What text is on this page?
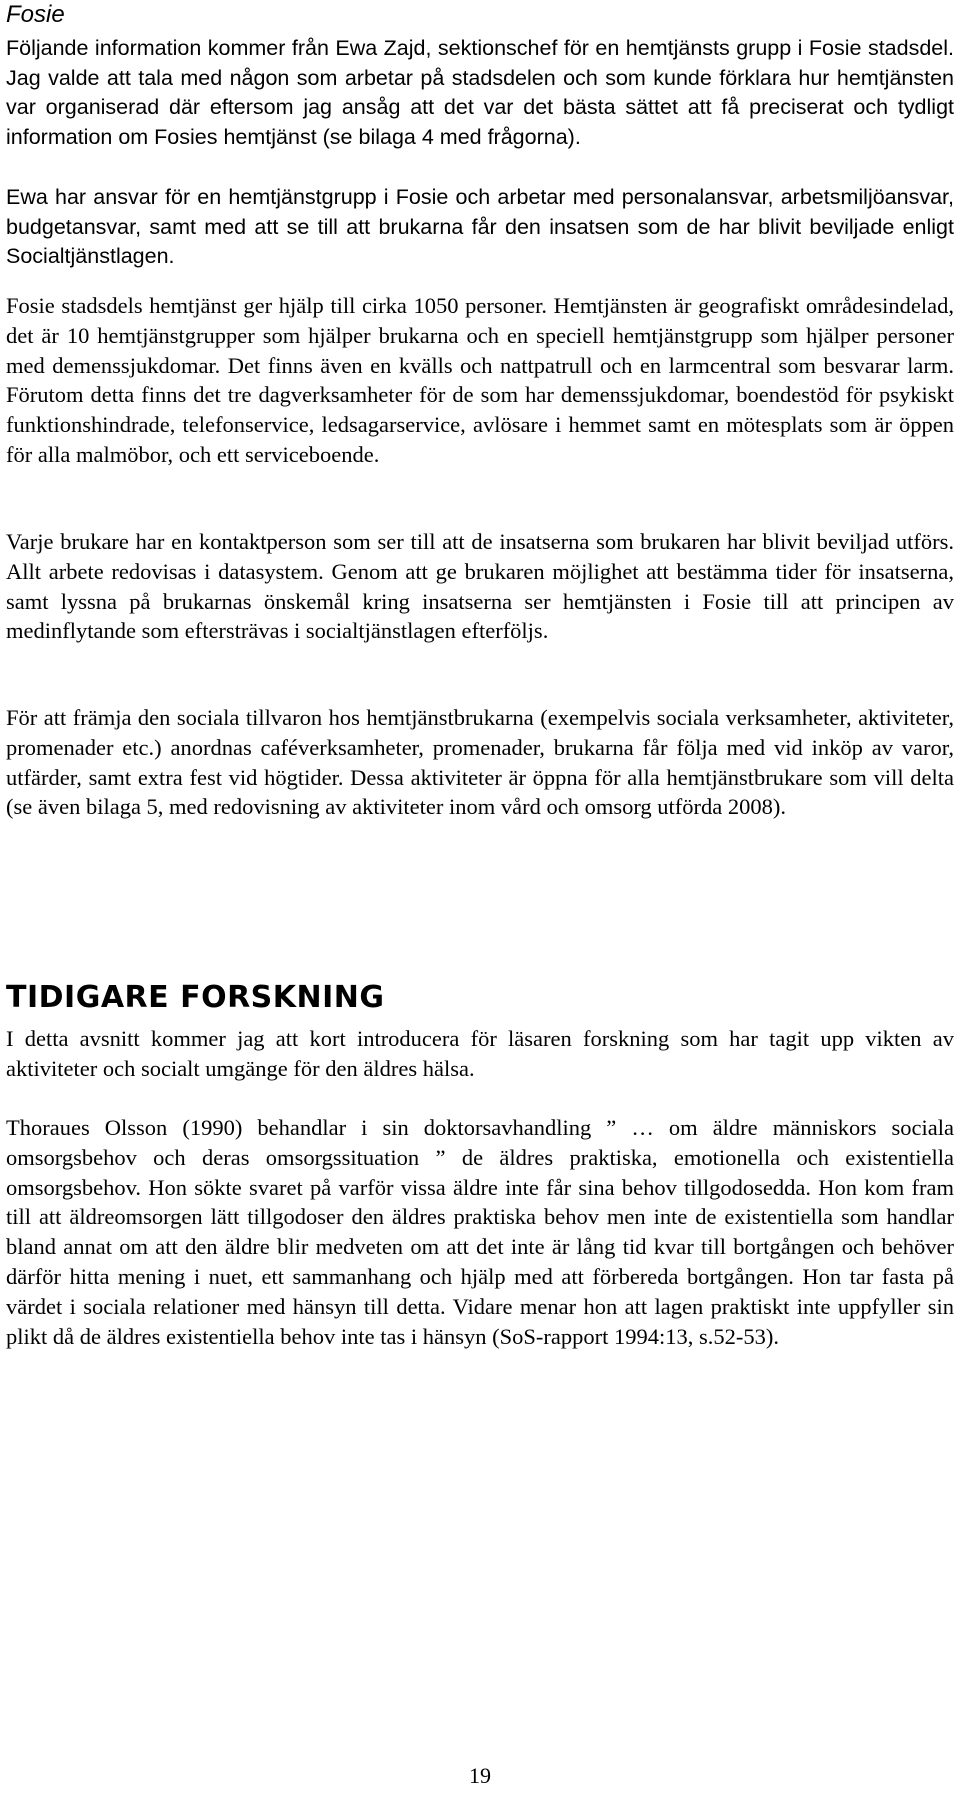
Fosie

Följande information kommer från Ewa Zajd, sektionschef för en hemtjänsts grupp i Fosie stadsdel. Jag valde att tala med någon som arbetar på stadsdelen och som kunde förklara hur hemtjänsten var organiserad där eftersom jag ansåg att det var det bästa sättet att få preciserat och tydligt information om Fosies hemtjänst (se bilaga 4 med frågorna).

Ewa har ansvar för en hemtjänstgrupp i Fosie och arbetar med personalansvar, arbetsmiljöansvar, budgetansvar, samt med att se till att brukarna får den insatsen som de har blivit beviljade enligt Socialtjänstlagen.

Fosie stadsdels hemtjänst ger hjälp till cirka 1050 personer. Hemtjänsten är geografiskt områdesindelad, det är 10 hemtjänstgrupper som hjälper brukarna och en speciell hemtjänstgrupp som hjälper personer med demenssjukdomar. Det finns även en kvälls och nattpatrull och en larmcentral som besvarar larm. Förutom detta finns det tre dagverksamheter för de som har demenssjukdomar, boendestöd för psykiskt funktionshindrade, telefonservice, ledsagarservice, avlösare i hemmet samt en mötesplats som är öppen för alla malmöbor, och ett serviceboende.

Varje brukare har en kontaktperson som ser till att de insatserna som brukaren har blivit beviljad utförs. Allt arbete redovisas i datasystem. Genom att ge brukaren möjlighet att bestämma tider för insatserna, samt lyssna på brukarnas önskemål kring insatserna ser hemtjänsten i Fosie till att principen av medinflytande som eftersträvas i socialtjänstlagen efterföljs.

För att främja den sociala tillvaron hos hemtjänstbrukarna (exempelvis sociala verksamheter, aktiviteter, promenader etc.) anordnas caféverksamheter, promenader, brukarna får följa med vid inköp av varor, utfärder, samt extra fest vid högtider. Dessa aktiviteter är öppna för alla hemtjänstbrukare som vill delta (se även bilaga 5, med redovisning av aktiviteter inom vård och omsorg utförda 2008).

TIDIGARE FORSKNING

I detta avsnitt kommer jag att kort introducera för läsaren forskning som har tagit upp vikten av aktiviteter och socialt umgänge för den äldres hälsa.

Thoraues Olsson (1990) behandlar i sin doktorsavhandling ” … om äldre människors sociala omsorgsbehov och deras omsorgssituation ” de äldres praktiska, emotionella och existentiella omsorgsbehov. Hon sökte svaret på varför vissa äldre inte får sina behov tillgodosedda. Hon kom fram till att äldreomsorgen lätt tillgodoser den äldres praktiska behov men inte de existentiella som handlar bland annat om att den äldre blir medveten om att det inte är lång tid kvar till bortgången och behöver därför hitta mening i nuet, ett sammanhang och hjälp med att förbereda bortgången. Hon tar fasta på värdet i sociala relationer med hänsyn till detta. Vidare menar hon att lagen praktiskt inte uppfyller sin plikt då de äldres existentiella behov inte tas i hänsyn (SoS-rapport 1994:13, s.52-53).

19
